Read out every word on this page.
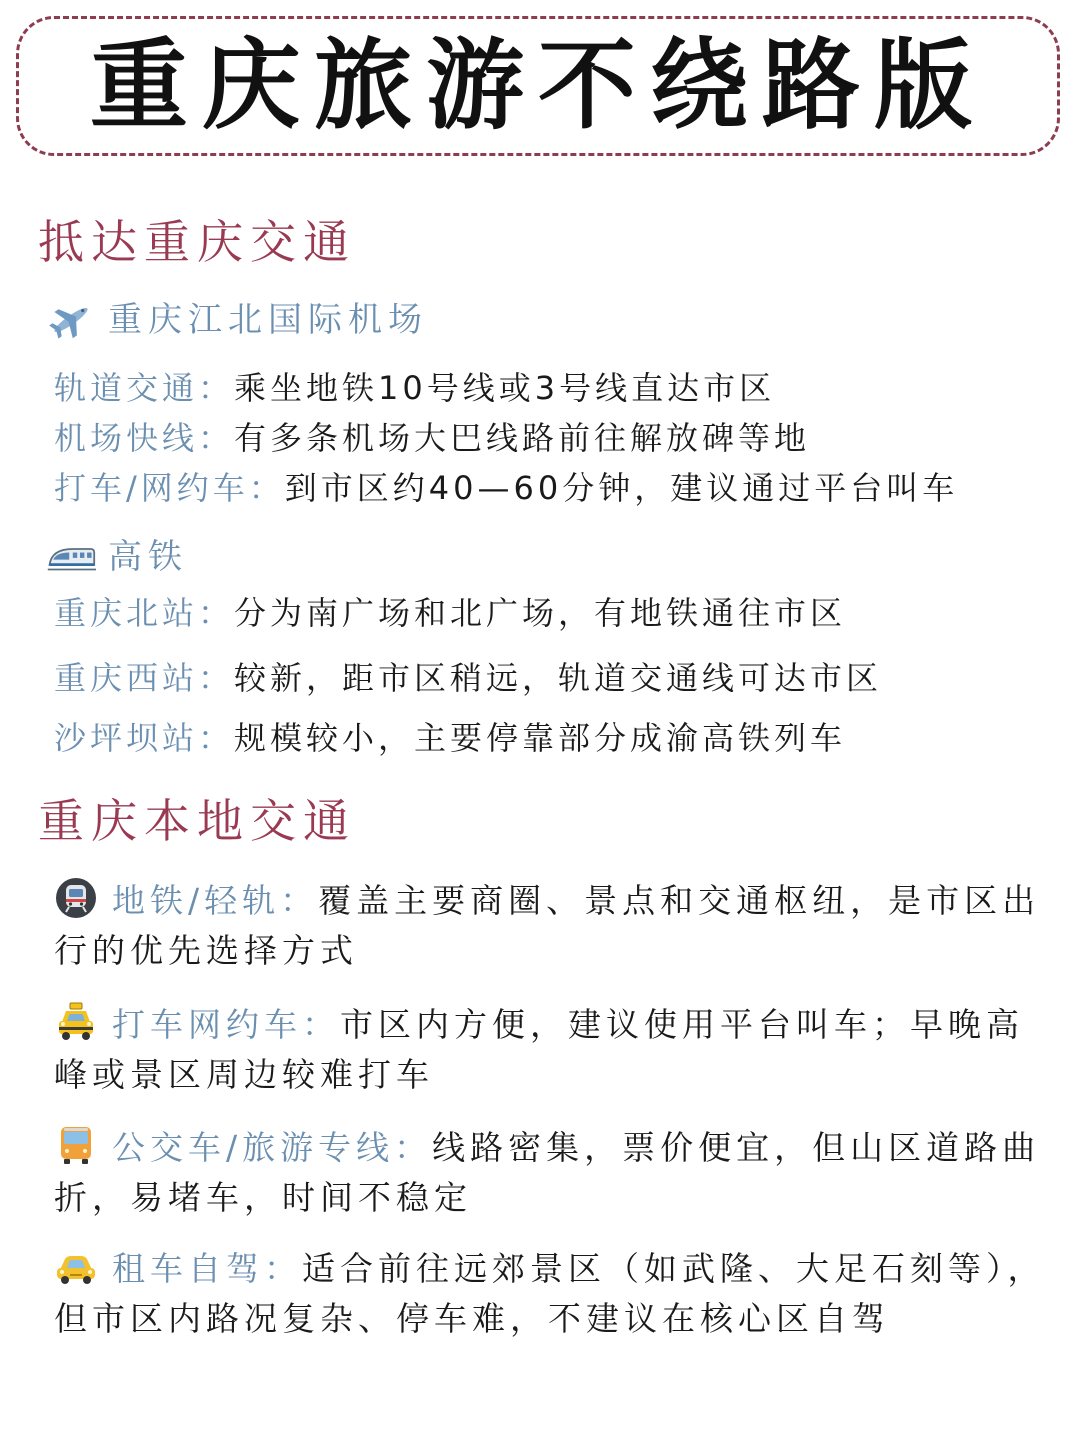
重庆旅游不绕路版
抵达重庆交通
重庆江北国际机场
轨道交通：乘坐地铁10号线或3号线直达市区
机场快线：有多条机场大巴线路前往解放碑等地
打车/网约车：到市区约40—60分钟，建议通过平台叫车
高铁
重庆北站：分为南广场和北广场，有地铁通往市区
重庆西站：较新，距市区稍远，轨道交通线可达市区
沙坪坝站：规模较小，主要停靠部分成渝高铁列车
重庆本地交通
地铁/轻轨：覆盖主要商圈、景点和交通枢纽，是市区出行的优先选择方式
打车网约车：市区内方便，建议使用平台叫车；早晚高峰或景区周边较难打车
公交车/旅游专线：线路密集，票价便宜，但山区道路曲折，易堵车，时间不稳定
租车自驾：适合前往远郊景区（如武隆、大足石刻等），但市区内路况复杂、停车难，不建议在核心区自驾
